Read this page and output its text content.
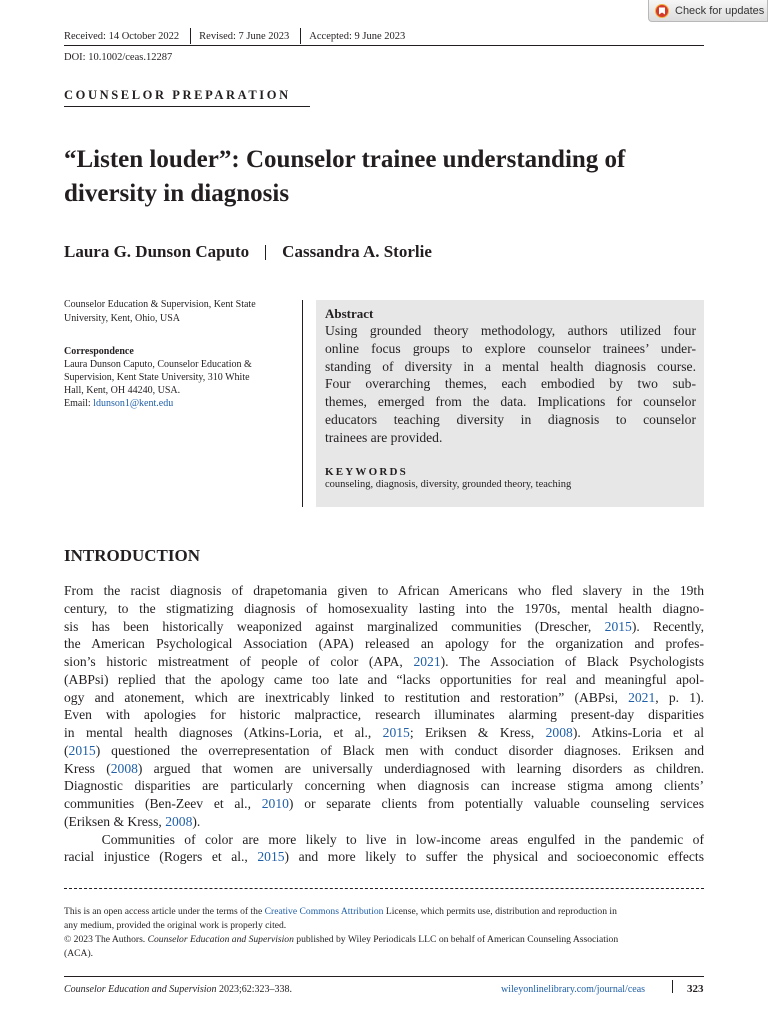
Check for updates
Received: 14 October 2022 Revised: 7 June 2023 Accepted: 9 June 2023
DOI: 10.1002/ceas.12287
COUNSELOR PREPARATION
“Listen louder”: Counselor trainee understanding of
diversity in diagnosis
Laura G. Dunson Caputo Cassandra A. Storlie
Counselor Education & Supervision, Kent State
University, Kent, Ohio, USA
Correspondence
Laura Dunson Caputo, Counselor Education &
Supervision, Kent State University, 310 White
Hall, Kent, OH 44240, USA.
Email: ldunson1@kent.edu
Abstract
Using grounded theory methodology, authors utilized four
online focus groups to explore counselor trainees’ under-
standing of diversity in a mental health diagnosis course.
Four overarching themes, each embodied by two sub-
themes, emerged from the data. Implications for counselor
educators teaching diversity in diagnosis to counselor
trainees are provided.
KEYWORDS
counseling, diagnosis, diversity, grounded theory, teaching
INTRODUCTION

From the racist diagnosis of drapetomania given to African Americans who fled slavery in the 19th
century, to the stigmatizing diagnosis of homosexuality lasting into the 1970s, mental health diagno-
sis has been historically weaponized against marginalized communities (Drescher, 2015). Recently,
the American Psychological Association (APA) released an apology for the organization and profes-
sion’s historic mistreatment of people of color (APA, 2021). The Association of Black Psychologists
(ABPsi) replied that the apology came too late and “lacks opportunities for real and meaningful apol-
ogy and atonement, which are inextricably linked to restitution and restoration” (ABPsi, 2021, p. 1).
Even with apologies for historic malpractice, research illuminates alarming present-day disparities
in mental health diagnoses (Atkins-Loria, et al., 2015; Eriksen & Kress, 2008). Atkins-Loria et al
(2015) questioned the overrepresentation of Black men with conduct disorder diagnoses. Eriksen and
Kress (2008) argued that women are universally underdiagnosed with learning disorders as children.
Diagnostic disparities are particularly concerning when diagnosis can increase stigma among clients’
communities (Ben-Zeev et al., 2010) or separate clients from potentially valuable counseling services
(Eriksen & Kress, 2008).

Communities of color are more likely to live in low-income areas engulfed in the pandemic of
racial injustice (Rogers et al., 2015) and more likely to suffer the physical and socioeconomic effects

This is an open access article under the terms of the Creative Commons Attribution License, which permits use, distribution and reproduction in
any medium, provided the original work is properly cited.
© 2023 The Authors. Counselor Education and Supervision published by Wiley Periodicals LLC on behalf of American Counseling Association
(ACA).
Counselor Education and Supervision 2023;62:323–338.	wileyonlinelibrary.com/journal/ceas	323
